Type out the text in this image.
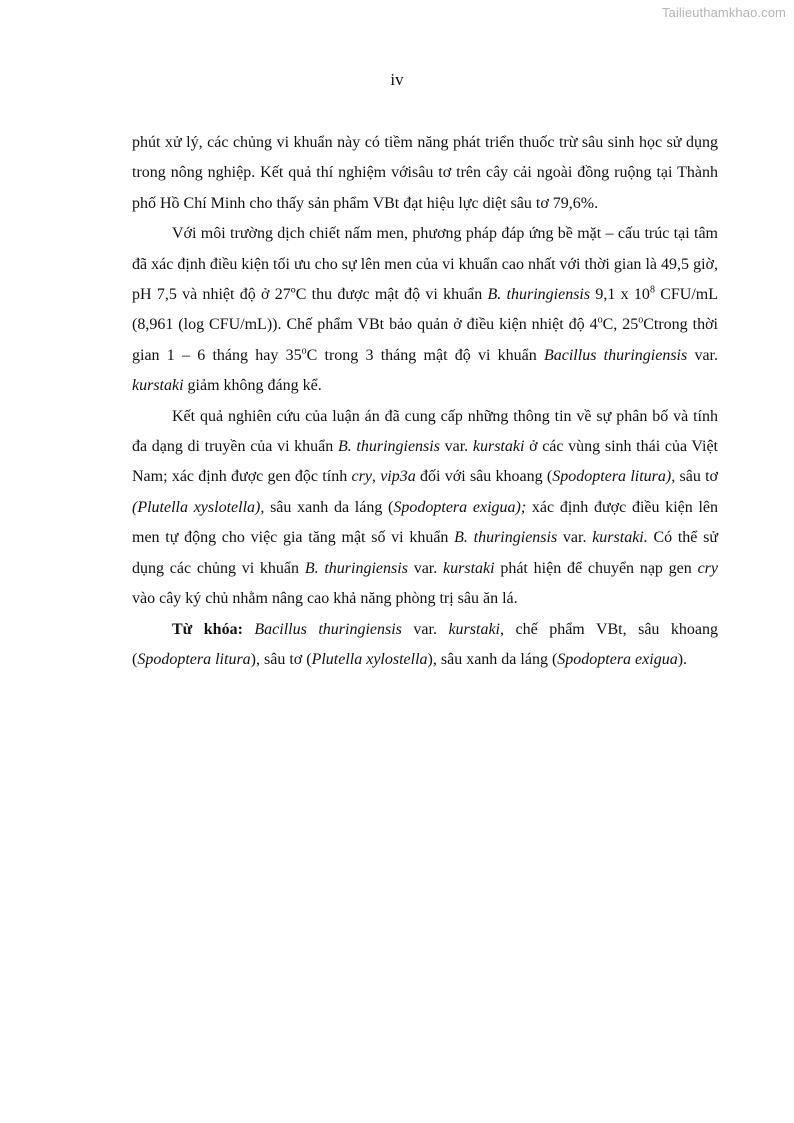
Tailieuthamkhao.com
iv

phút xử lý, các chủng vi khuẩn này có tiềm năng phát triển thuốc trừ sâu sinh học sử dụng trong nông nghiệp. Kết quả thí nghiệm vớisâu tơ trên cây cải ngoài đồng ruộng tại Thành phố Hồ Chí Minh cho thấy sản phẩm VBt đạt hiệu lực diệt sâu tơ 79,6%.

Với môi trường dịch chiết nấm men, phương pháp đáp ứng bề mặt – cấu trúc tại tâm đã xác định điều kiện tối ưu cho sự lên men của vi khuẩn cao nhất với thời gian là 49,5 giờ, pH 7,5 và nhiệt độ ở 27ºC thu được mật độ vi khuẩn B. thuringiensis 9,1 x $10^8$ CFU/mL (8,961 (log CFU/mL)). Chế phẩm VBt bảo quản ở điều kiện nhiệt độ 4$^o$C, 25$^o$Ctrong thời gian 1 – 6 tháng hay 35$^o$C trong 3 tháng mật độ vi khuẩn Bacillus thuringiensis var. kurstaki giảm không đáng kể.

Kết quả nghiên cứu của luận án đã cung cấp những thông tin về sự phân bố và tính đa dạng di truyền của vi khuẩn B. thuringiensis var. kurstaki ở các vùng sinh thái của Việt Nam; xác định được gen độc tính cry, vip3a đối với sâu khoang (Spodoptera litura), sâu tơ (Plutella xyslotella), sâu xanh da láng (Spodoptera exigua); xác định được điều kiện lên men tự động cho việc gia tăng mật số vi khuẩn B. thuringiensis var. kurstaki. Có thể sử dụng các chủng vi khuẩn B. thuringiensis var. kurstaki phát hiện để chuyển nạp gen cry vào cây ký chủ nhằm nâng cao khả năng phòng trị sâu ăn lá.

Từ khóa: Bacillus thuringiensis var. kurstaki, chế phẩm VBt, sâu khoang (Spodoptera litura), sâu tơ (Plutella xylostella), sâu xanh da láng (Spodoptera exigua).
